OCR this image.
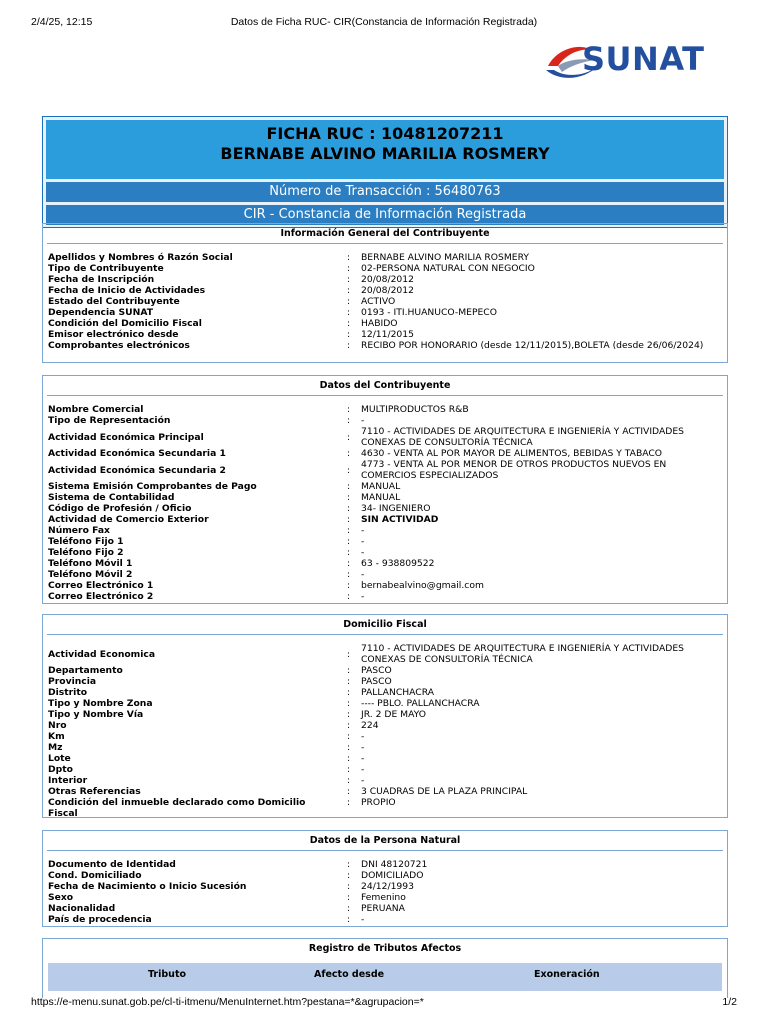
2/4/25, 12:15	Datos de Ficha RUC- CIR(Constancia de Información Registrada)
SUNAT
FICHA RUC : 10481207211
BERNABE ALVINO MARILIA ROSMERY
Número de Transacción : 56480763
CIR - Constancia de Información Registrada
Información General del Contribuyente
Apellidos y Nombres ó Razón Social	: BERNABE ALVINO MARILIA ROSMERY
Tipo de Contribuyente	: 02-PERSONA NATURAL CON NEGOCIO
Fecha de Inscripción	: 20/08/2012
Fecha de Inicio de Actividades	: 20/08/2012
Estado del Contribuyente	: ACTIVO
Dependencia SUNAT	: 0193 - ITI.HUANUCO-MEPECO
Condición del Domicilio Fiscal	: HABIDO
Emisor electrónico desde	: 12/11/2015
Comprobantes electrónicos	: RECIBO POR HONORARIO (desde 12/11/2015),BOLETA (desde 26/06/2024)
Datos del Contribuyente
Nombre Comercial	: MULTIPRODUCTOS R&B
Tipo de Representación	: -
Actividad Económica Principal	:
7110 - ACTIVIDADES DE ARQUITECTURA E INGENIERÍA Y ACTIVIDADES CONEXAS DE CONSULTORÍA TÉCNICA
Actividad Económica Secundaria 1	: 4630 - VENTA AL POR MAYOR DE ALIMENTOS, BEBIDAS Y TABACO
Actividad Económica Secundaria 2	:
4773 - VENTA AL POR MENOR DE OTROS PRODUCTOS NUEVOS EN COMERCIOS ESPECIALIZADOS
Sistema Emisión Comprobantes de Pago	: MANUAL
Sistema de Contabilidad	: MANUAL
Código de Profesión / Oficio	: 34- INGENIERO
Actividad de Comercio Exterior	: SIN ACTIVIDAD
Número Fax	: -
Teléfono Fijo 1	: -
Teléfono Fijo 2	: -
Teléfono Móvil 1	: 63 - 938809522
Teléfono Móvil 2	: -
Correo Electrónico 1	: bernabealvino@gmail.com
Correo Electrónico 2	: -
Domicilio Fiscal
Actividad Economica	:
7110 - ACTIVIDADES DE ARQUITECTURA E INGENIERÍA Y ACTIVIDADES CONEXAS DE CONSULTORÍA TÉCNICA
Departamento	: PASCO
Provincia	: PASCO
Distrito	: PALLANCHACRA
Tipo y Nombre Zona	: ---- PBLO. PALLANCHACRA
Tipo y Nombre Vía	: JR. 2 DE MAYO
Nro	: 224
Km	: -
Mz	: -
Lote	: -
Dpto	: -
Interior	: -
Otras Referencias	: 3 CUADRAS DE LA PLAZA PRINCIPAL
Condición del inmueble declarado como Domicilio Fiscal
: PROPIO
Datos de la Persona Natural
Documento de Identidad	: DNI 48120721
Cond. Domiciliado	: DOMICILIADO
Fecha de Nacimiento o Inicio Sucesión	: 24/12/1993
Sexo	: Femenino
Nacionalidad	: PERUANA
País de procedencia	: -
Registro de Tributos Afectos
Tributo	Afecto desde	Exoneración
https://e-menu.sunat.gob.pe/cl-ti-itmenu/MenuInternet.htm?pestana=*&agrupacion=*	1/2
